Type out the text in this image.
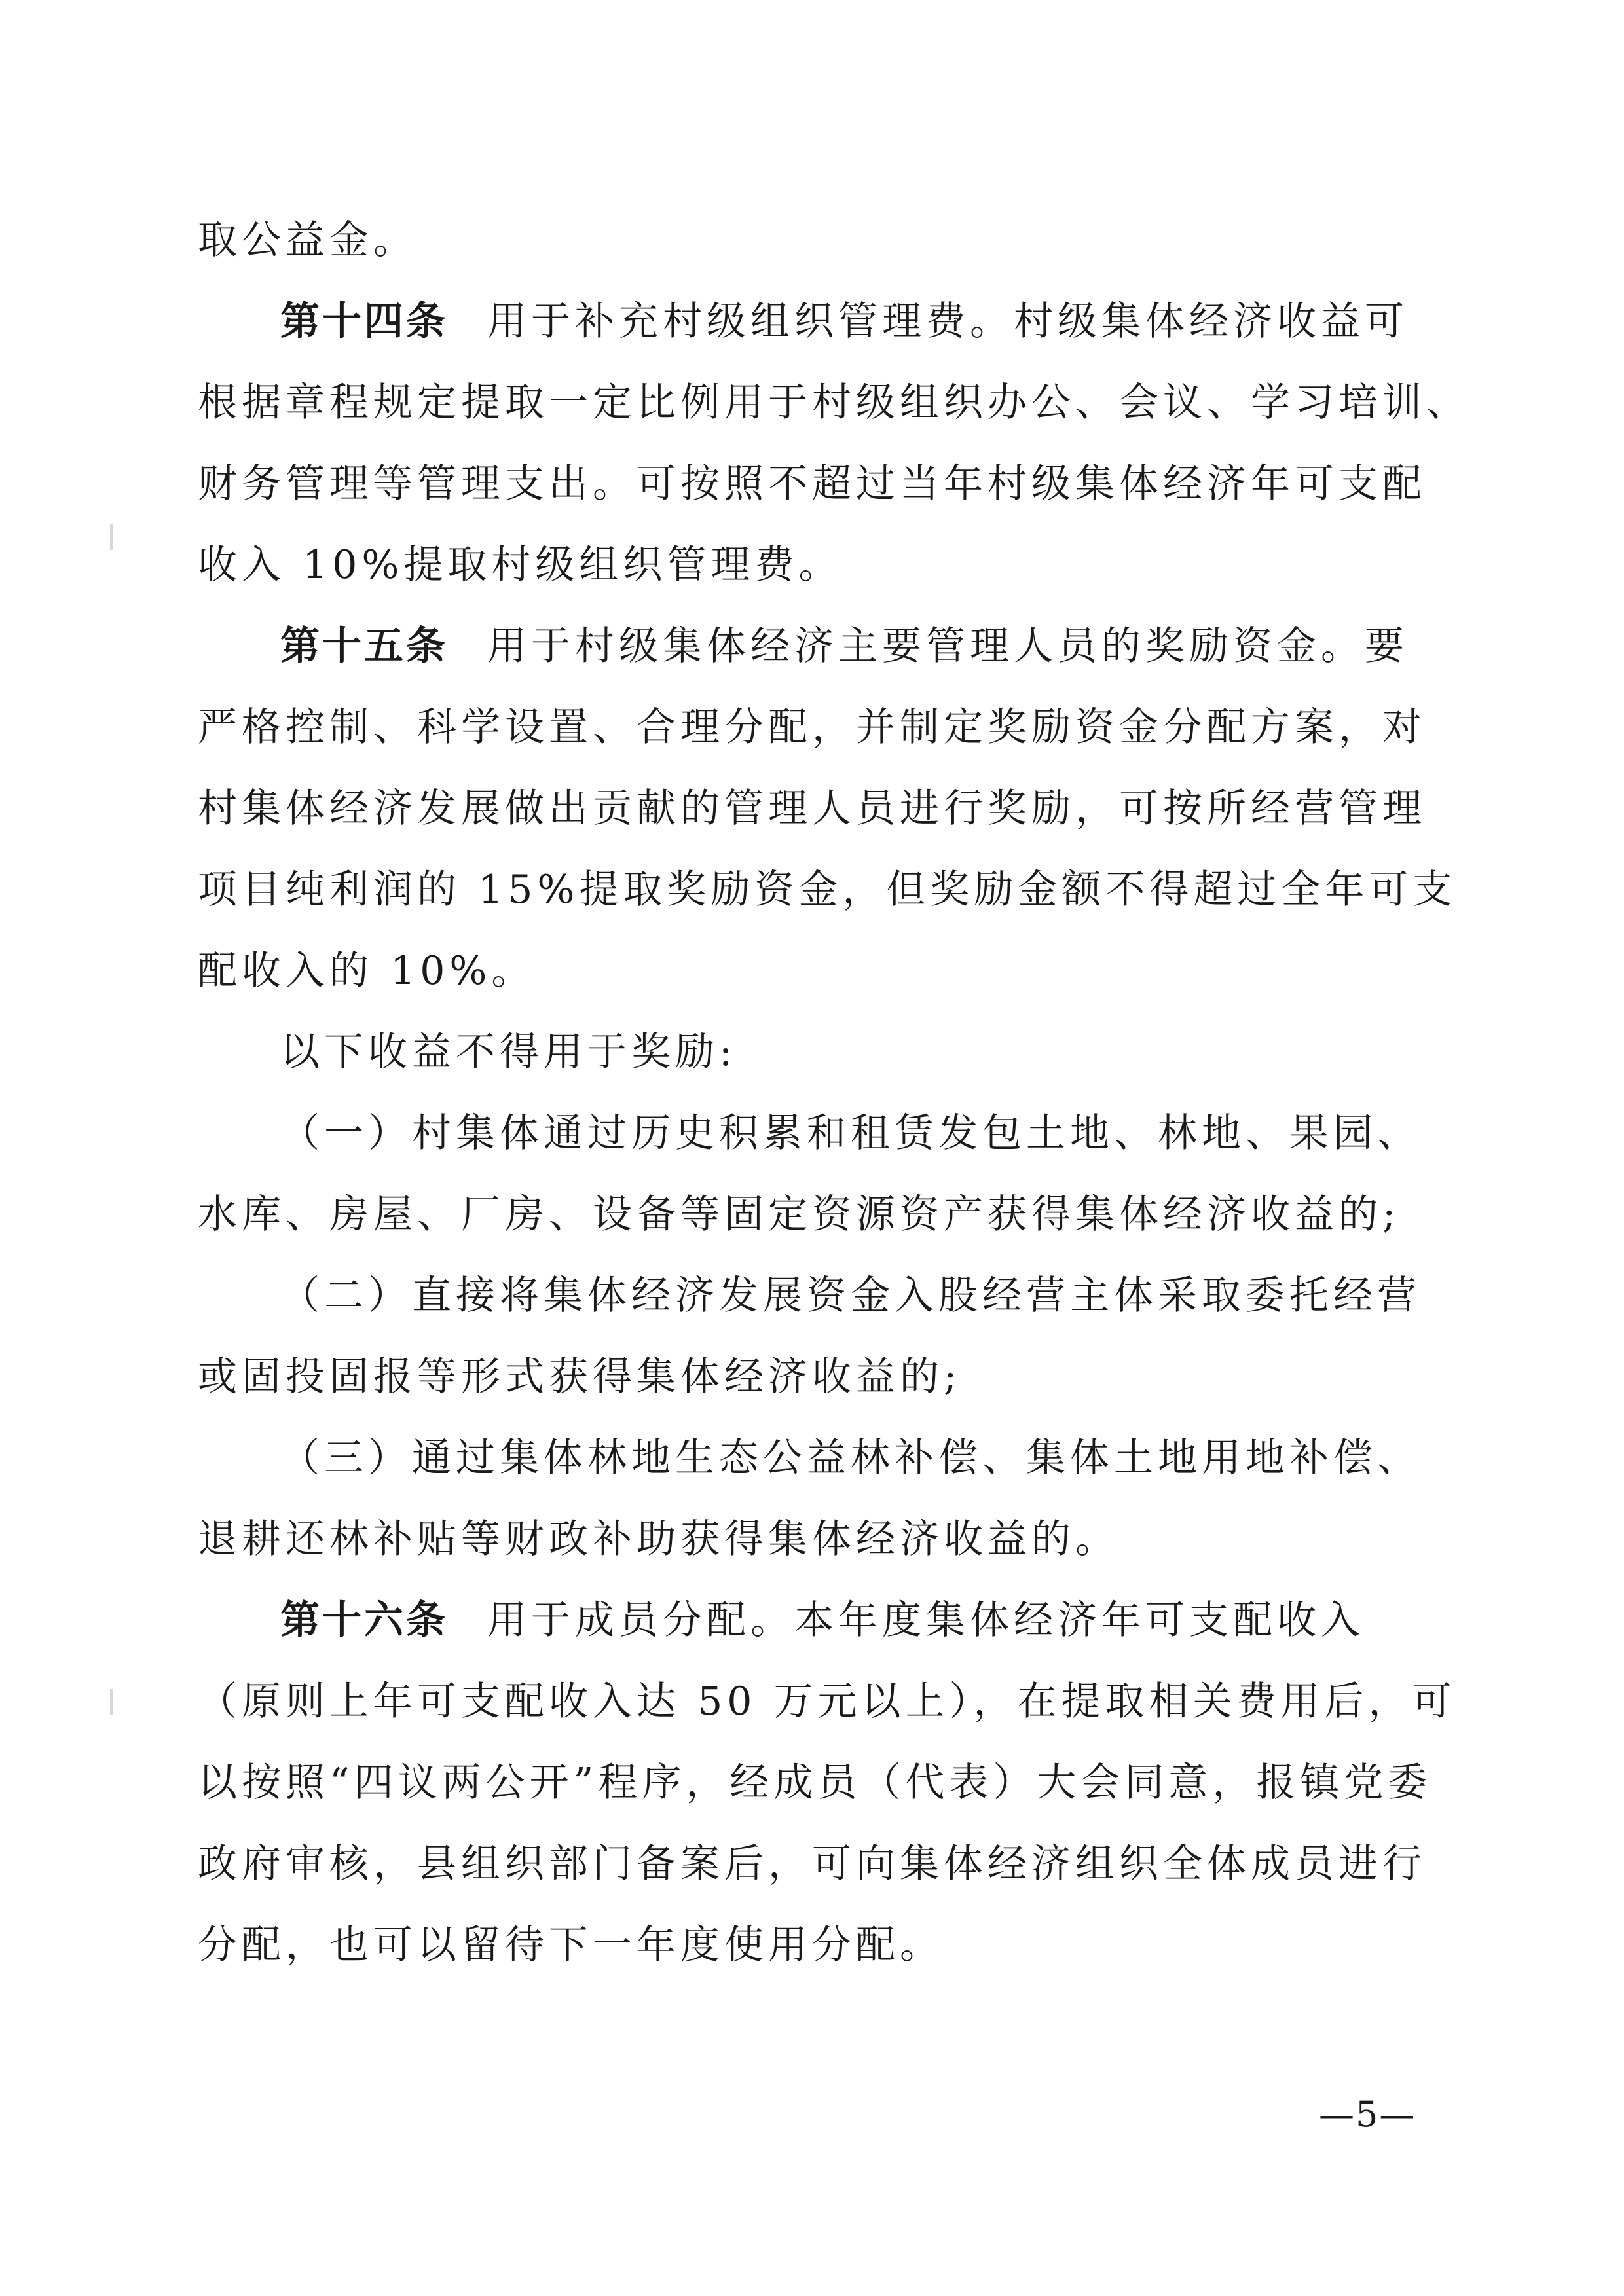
取公益金。
第十四条 用于补充村级组织管理费。村级集体经济收益可
根据章程规定提取一定比例用于村级组织办公、会议、学习培训、
财务管理等管理支出。可按照不超过当年村级集体经济年可支配
收入 10%提取村级组织管理费。
第十五条 用于村级集体经济主要管理人员的奖励资金。要
严格控制、科学设置、合理分配，并制定奖励资金分配方案，对
村集体经济发展做出贡献的管理人员进行奖励，可按所经营管理
项目纯利润的 15%提取奖励资金，但奖励金额不得超过全年可支
配收入的 10%。
以下收益不得用于奖励:
（一）村集体通过历史积累和租赁发包土地、林地、果园、
水库、房屋、厂房、设备等固定资源资产获得集体经济收益的;
（二）直接将集体经济发展资金入股经营主体采取委托经营
或固投固报等形式获得集体经济收益的;
（三）通过集体林地生态公益林补偿、集体土地用地补偿、
退耕还林补贴等财政补助获得集体经济收益的。
第十六条 用于成员分配。本年度集体经济年可支配收入
（原则上年可支配收入达 50 万元以上），在提取相关费用后，可
以按照“四议两公开”程序，经成员（代表）大会同意，报镇党委
政府审核，县组织部门备案后，可向集体经济组织全体成员进行
分配，也可以留待下一年度使用分配。
—5—
